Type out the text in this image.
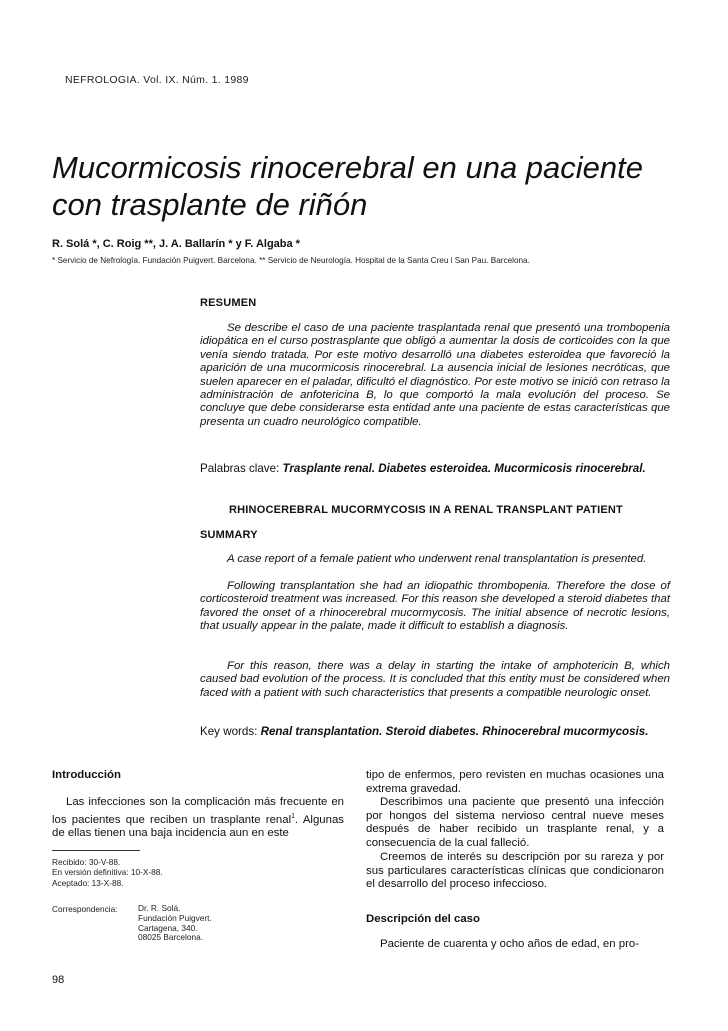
NEFROLOGIA. Vol. IX. Núm. 1. 1989
Mucormicosis rinocerebral en una paciente con trasplante de riñón
R. Solá *, C. Roig **, J. A. Ballarín * y F. Algaba *
* Servicio de Nefrología. Fundación Puigvert. Barcelona. ** Servicio de Neurología. Hospital de la Santa Creu i San Pau. Barcelona.
RESUMEN

Se describe el caso de una paciente trasplantada renal que presentó una trombopenia idiopática en el curso postrasplante que obligó a aumentar la dosis de corticoides con la que venía siendo tratada. Por este motivo desarrolló una diabetes esteroidea que favoreció la aparición de una mucormicosis rinocerebral. La ausencia inicial de lesiones necróticas, que suelen aparecer en el paladar, dificultó el diagnóstico. Por este motivo se inició con retraso la administración de anfotericina B, lo que comportó la mala evolución del proceso. Se concluye que debe considerarse esta entidad ante una paciente de estas características que presenta un cuadro neurológico compatible.

Palabras clave: Trasplante renal. Diabetes esteroidea. Mucormicosis rinocerebral.
RHINOCEREBRAL MUCORMYCOSIS IN A RENAL TRANSPLANT PATIENT
SUMMARY

A case report of a female patient who underwent renal transplantation is presented.

Following transplantation she had an idiopathic thrombopenia. Therefore the dose of corticosteroid treatment was increased. For this reason she developed a steroid diabetes that favored the onset of a rhinocerebral mucormycosis. The initial absence of necrotic lesions, that usually appear in the palate, made it difficult to establish a diagnosis.

For this reason, there was a delay in starting the intake of amphotericin B, which caused bad evolution of the process. It is concluded that this entity must be considered when faced with a patient with such characteristics that presents a compatible neurologic onset.

Key words: Renal transplantation. Steroid diabetes. Rhinocerebral mucormycosis.
Introducción

Las infecciones son la complicación más frecuente en los pacientes que reciben un trasplante renal$^1$. Algunas de ellas tienen una baja incidencia aun en este

Recibido: 30-V-88.
En versión definitiva: 10-X-88.
Aceptado: 13-X-88.
Correspondencia: Dr. R. Solá.
Fundación Puigvert.
Cartagena, 340.
08025 Barcelona.

tipo de enfermos, pero revisten en muchas ocasiones una extrema gravedad.

Describimos una paciente que presentó una infección por hongos del sistema nervioso central nueve meses después de haber recibido un trasplante renal, y a consecuencia de la cual falleció.

Creemos de interés su descripción por su rareza y por sus particulares características clínicas que condicionaron el desarrollo del proceso infeccioso.

Descripción del caso

Paciente de cuarenta y ocho años de edad, en pro-

98
